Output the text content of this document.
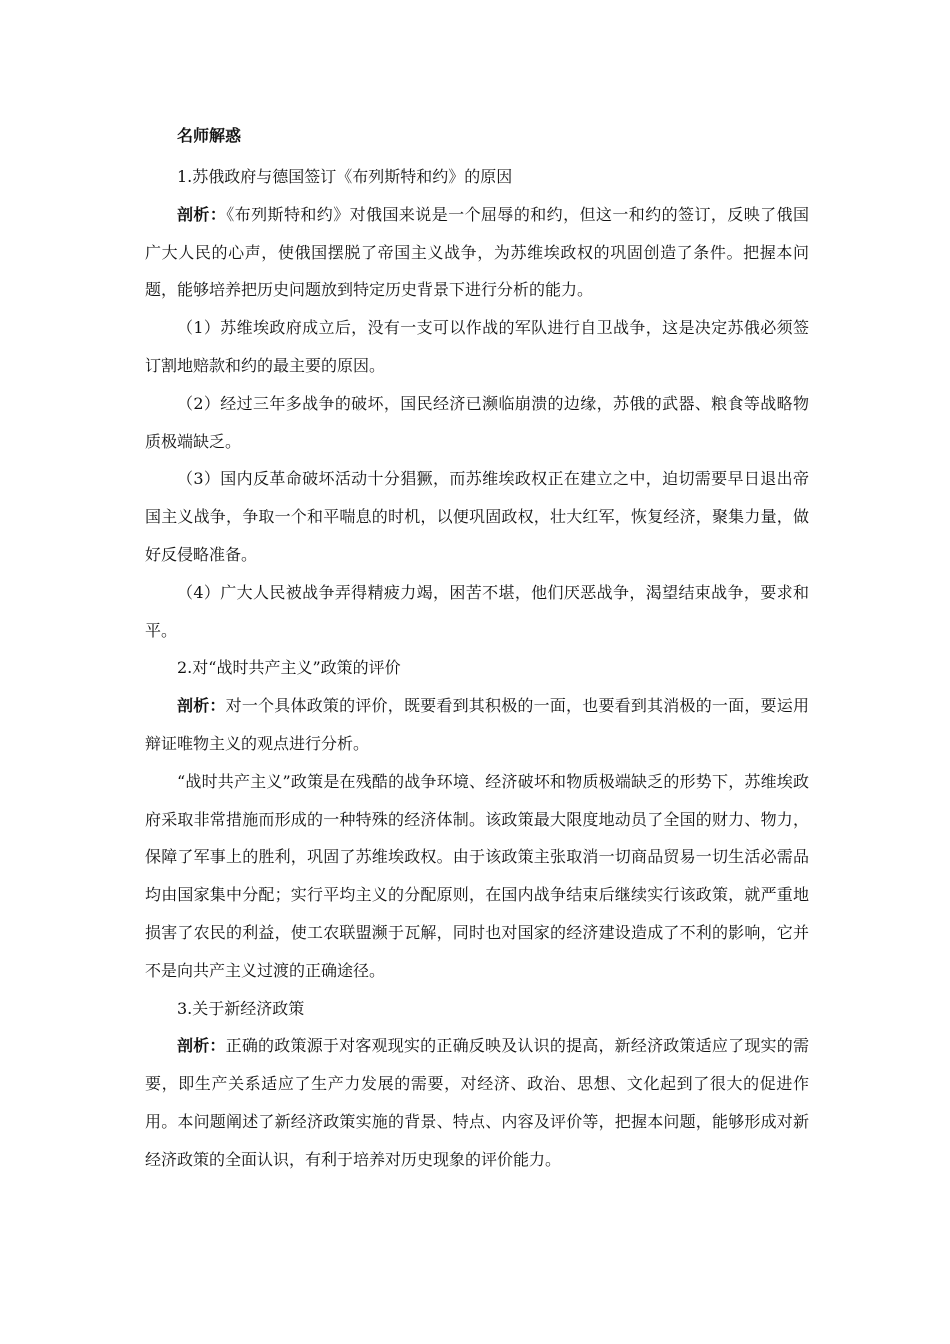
名师解惑

1.苏俄政府与德国签订《布列斯特和约》的原因

剖析：《布列斯特和约》对俄国来说是一个屈辱的和约，但这一和约的签订，反映了俄国广大人民的心声，使俄国摆脱了帝国主义战争，为苏维埃政权的巩固创造了条件。把握本问题，能够培养把历史问题放到特定历史背景下进行分析的能力。

（1）苏维埃政府成立后，没有一支可以作战的军队进行自卫战争，这是决定苏俄必须签订割地赔款和约的最主要的原因。

（2）经过三年多战争的破坏，国民经济已濒临崩溃的边缘，苏俄的武器、粮食等战略物质极端缺乏。

（3）国内反革命破坏活动十分猖獗，而苏维埃政权正在建立之中，迫切需要早日退出帝国主义战争，争取一个和平喘息的时机，以便巩固政权，壮大红军，恢复经济，聚集力量，做好反侵略准备。

（4）广大人民被战争弄得精疲力竭，困苦不堪，他们厌恶战争，渴望结束战争，要求和平。

2.对“战时共产主义”政策的评价

剖析：对一个具体政策的评价，既要看到其积极的一面，也要看到其消极的一面，要运用辩证唯物主义的观点进行分析。

“战时共产主义”政策是在残酷的战争环境、经济破坏和物质极端缺乏的形势下，苏维埃政府采取非常措施而形成的一种特殊的经济体制。该政策最大限度地动员了全国的财力、物力，保障了军事上的胜利，巩固了苏维埃政权。由于该政策主张取消一切商品贸易一切生活必需品均由国家集中分配；实行平均主义的分配原则，在国内战争结束后继续实行该政策，就严重地损害了农民的利益，使工农联盟濒于瓦解，同时也对国家的经济建设造成了不利的影响，它并不是向共产主义过渡的正确途径。

3.关于新经济政策

剖析：正确的政策源于对客观现实的正确反映及认识的提高，新经济政策适应了现实的需要，即生产关系适应了生产力发展的需要，对经济、政治、思想、文化起到了很大的促进作用。本问题阐述了新经济政策实施的背景、特点、内容及评价等，把握本问题，能够形成对新经济政策的全面认识，有利于培养对历史现象的评价能力。
